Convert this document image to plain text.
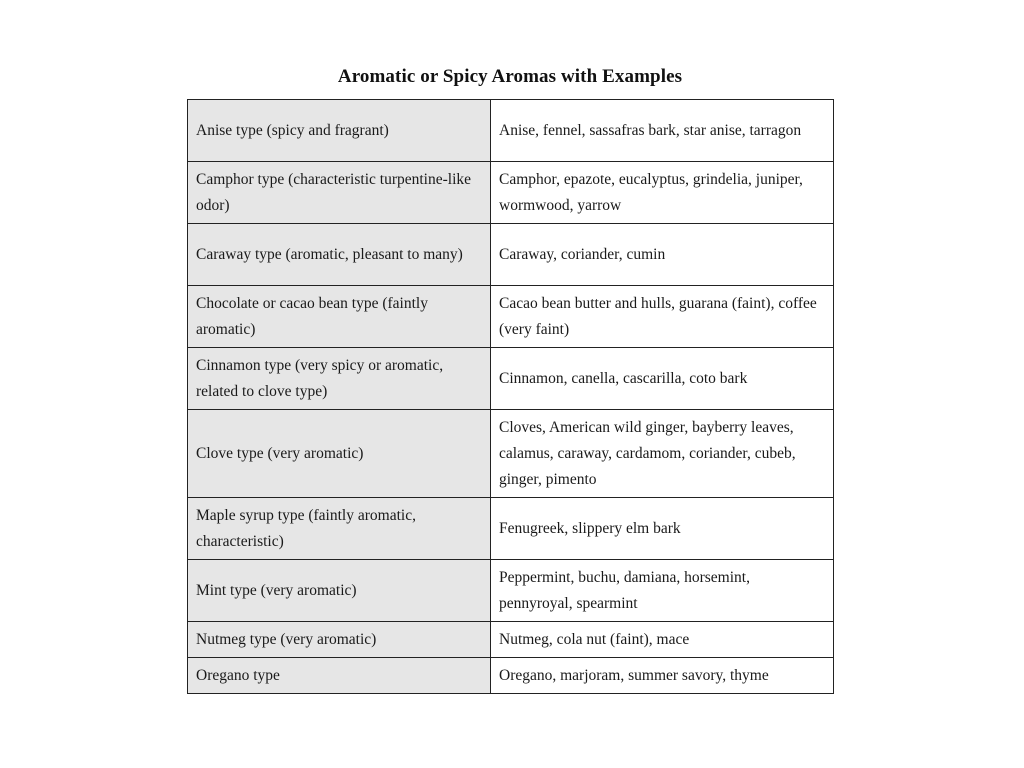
Aromatic or Spicy Aromas with Examples
Anise type (spicy and fragrant)	Anise, fennel, sassafras bark, star anise, tarragon
Camphor type (characteristic turpentine-like odor)	Camphor, epazote, eucalyptus, grindelia, juniper, wormwood, yarrow
Caraway type (aromatic, pleasant to many)	Caraway, coriander, cumin
Chocolate or cacao bean type (faintly aromatic)	Cacao bean butter and hulls, guarana (faint), coffee (very faint)
Cinnamon type (very spicy or aromatic, related to clove type)	Cinnamon, canella, cascarilla, coto bark
Clove type (very aromatic)	Cloves, American wild ginger, bayberry leaves, calamus, caraway, cardamom, coriander, cubeb, ginger, pimento
Maple syrup type (faintly aromatic, characteristic)	Fenugreek, slippery elm bark
Mint type (very aromatic)	Peppermint, buchu, damiana, horsemint, pennyroyal, spearmint
Nutmeg type (very aromatic)	Nutmeg, cola nut (faint), mace
Oregano type	Oregano, marjoram, summer savory, thyme
